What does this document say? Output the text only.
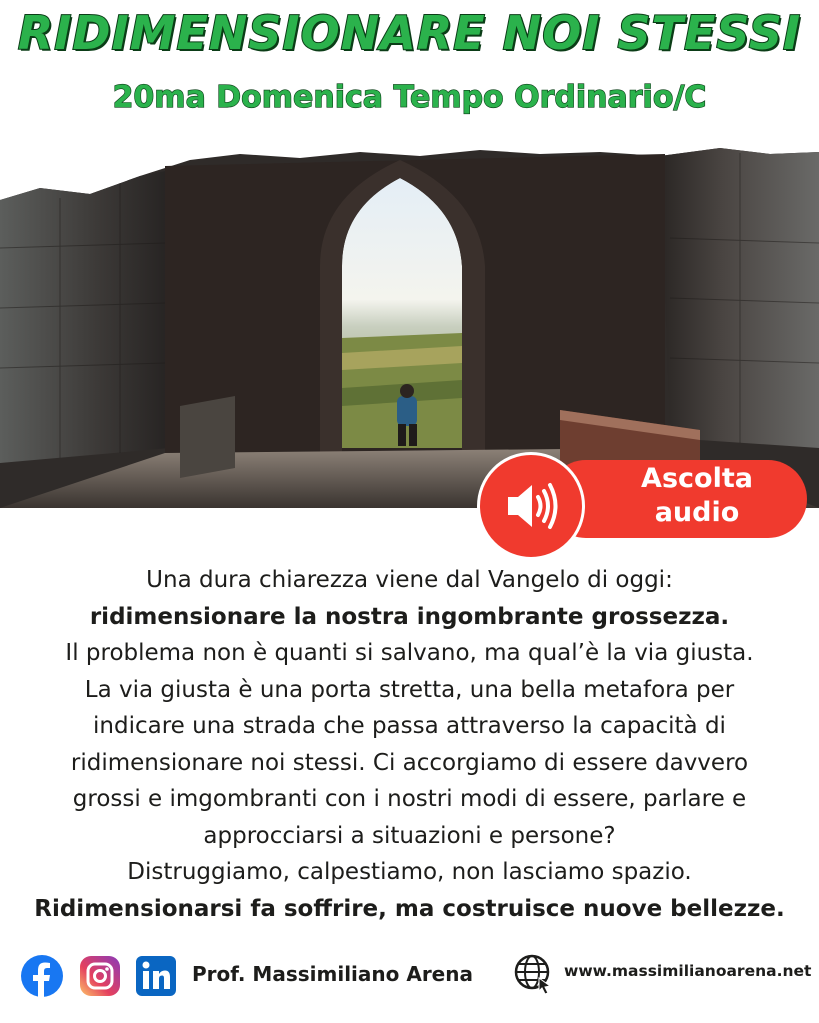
RIDIMENSIONARE NOI STESSI
20ma Domenica Tempo Ordinario/C
Ascolta
audio
Una dura chiarezza viene dal Vangelo di oggi:
ridimensionare la nostra ingombrante grossezza.
Il problema non è quanti si salvano, ma qual’è la via giusta.
La via giusta è una porta stretta, una bella metafora per
indicare una strada che passa attraverso la capacità di
ridimensionare noi stessi. Ci accorgiamo di essere davvero
grossi e imgombranti con i nostri modi di essere, parlare e
approcciarsi a situazioni e persone?
Distruggiamo, calpestiamo, non lasciamo spazio.
Ridimensionarsi fa soffrire, ma costruisce nuove bellezze.
Prof. Massimiliano Arena	www.massimilianoarena.net
